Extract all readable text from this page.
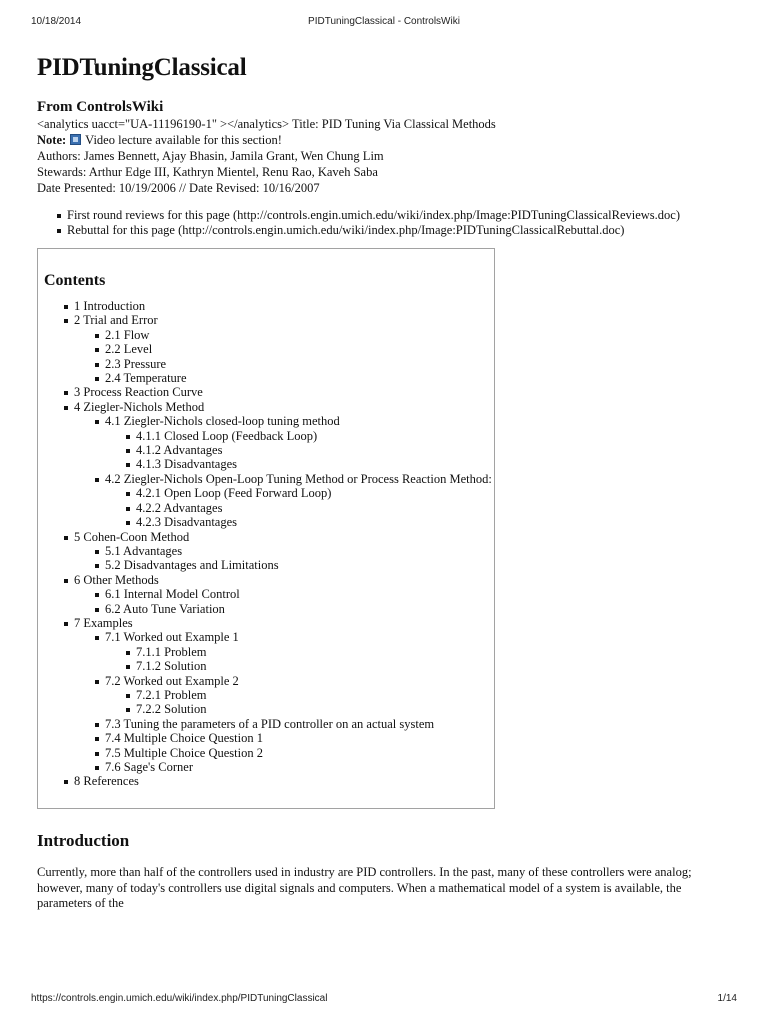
10/18/2014	PIDTuningClassical - ControlsWiki
PIDTuningClassical
From ControlsWiki

<analytics uacct="UA-11196190-1" ></analytics> Title: PID Tuning Via Classical Methods

Note:  Video lecture available for this section!

Authors: James Bennett, Ajay Bhasin, Jamila Grant, Wen Chung Lim

Stewards: Arthur Edge III, Kathryn Mientel, Renu Rao, Kaveh Saba

Date Presented: 10/19/2006 // Date Revised: 10/16/2007

First round reviews for this page (http://controls.engin.umich.edu/wiki/index.php/Image:PIDTuningClassicalReviews.doc)
Rebuttal for this page (http://controls.engin.umich.edu/wiki/index.php/Image:PIDTuningClassicalRebuttal.doc)
Contents
1 Introduction
2 Trial and Error
2.1 Flow
2.2 Level
2.3 Pressure
2.4 Temperature
3 Process Reaction Curve
4 Ziegler-Nichols Method
4.1 Ziegler-Nichols closed-loop tuning method
4.1.1 Closed Loop (Feedback Loop)
4.1.2 Advantages
4.1.3 Disadvantages
4.2 Ziegler-Nichols Open-Loop Tuning Method or Process Reaction Method:
4.2.1 Open Loop (Feed Forward Loop)
4.2.2 Advantages
4.2.3 Disadvantages
5 Cohen-Coon Method
5.1 Advantages
5.2 Disadvantages and Limitations
6 Other Methods
6.1 Internal Model Control
6.2 Auto Tune Variation
7 Examples
7.1 Worked out Example 1
7.1.1 Problem
7.1.2 Solution
7.2 Worked out Example 2
7.2.1 Problem
7.2.2 Solution
7.3 Tuning the parameters of a PID controller on an actual system
7.4 Multiple Choice Question 1
7.5 Multiple Choice Question 2
7.6 Sage's Corner
8 References
Introduction

Currently, more than half of the controllers used in industry are PID controllers. In the past, many of these controllers were analog; however, many of today's controllers use digital signals and computers. When a mathematical model of a system is available, the parameters of the

https://controls.engin.umich.edu/wiki/index.php/PIDTuningClassical	1/14
